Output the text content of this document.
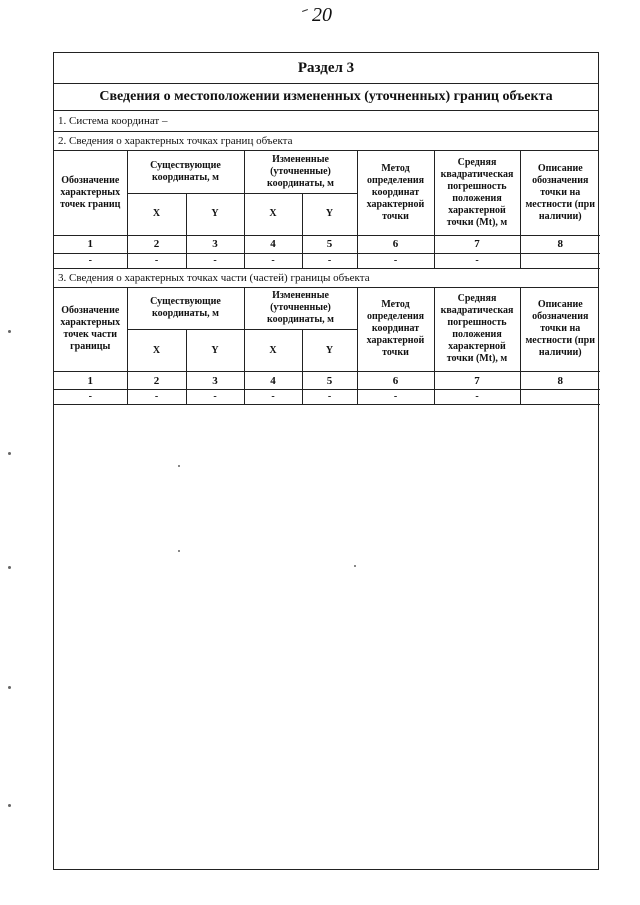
20
Раздел 3
Сведения о местоположении измененных (уточненных) границ объекта
1. Система координат –
2. Сведения о характерных точках границ объекта
Обозначение характерных точек границ	Существующие координаты, м		Измененные (уточненные) координаты, м		Метод определения координат характерной точки	Средняя квадратическая погрешность положения характерной точки (Mt), м	Описание обозначения точки на местности (при наличии)
	X	Y	X	Y			
1	2	3	4	5	6	7	8
-	-	-	-	-	-	-	
3. Сведения о характерных точках части (частей) границы объекта
Обозначение характерных точек части границы	Существующие координаты, м		Измененные (уточненные) координаты, м		Метод определения координат характерной точки	Средняя квадратическая погрешность положения характерной точки (Mt), м	Описание обозначения точки на местности (при наличии)
	X	Y	X	Y			
1	2	3	4	5	6	7	8
-	-	-	-	-	-	-	
